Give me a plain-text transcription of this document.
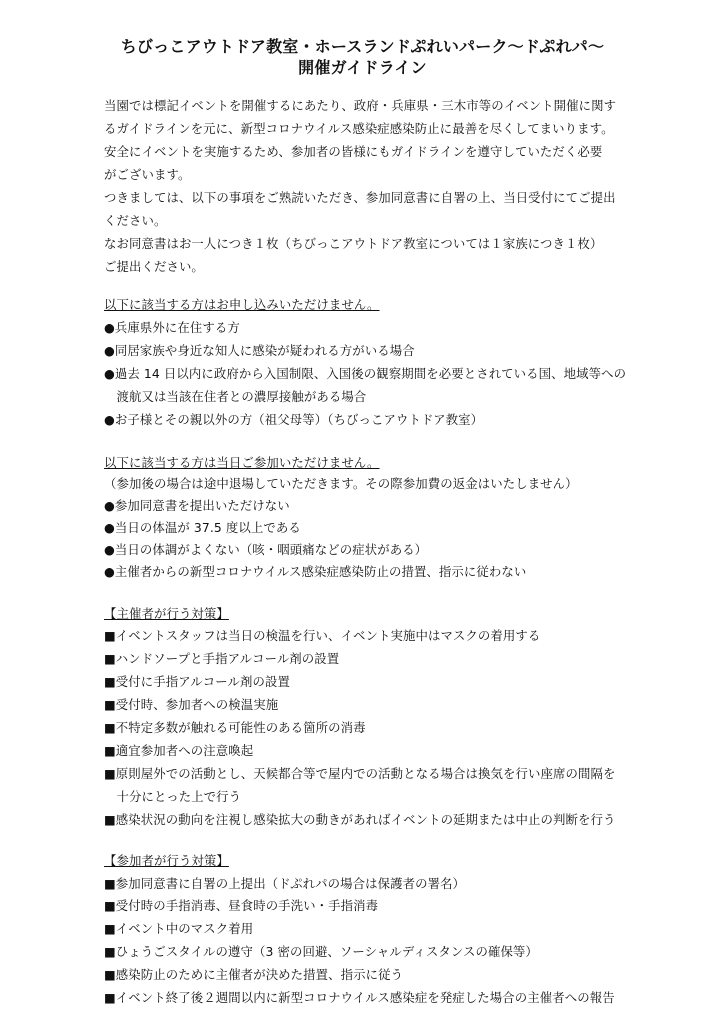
ちびっこアウトドア教室・ホースランドぷれいパーク～ドぷれパ～
開催ガイドライン
当園では標記イベントを開催するにあたり、政府・兵庫県・三木市等のイベント開催に関す
るガイドラインを元に、新型コロナウイルス感染症感染防止に最善を尽くしてまいります。
安全にイベントを実施するため、参加者の皆様にもガイドラインを遵守していただく必要
がございます。
つきましては、以下の事項をご熟読いただき、参加同意書に自署の上、当日受付にてご提出
ください。
なお同意書はお一人につき１枚（ちびっこアウトドア教室については１家族につき１枚）
ご提出ください。
以下に該当する方はお申し込みいただけません。
●兵庫県外に在住する方
●同居家族や身近な知人に感染が疑われる方がいる場合
●過去 14 日以内に政府から入国制限、入国後の観察期間を必要とされている国、地域等への
　渡航又は当該在住者との濃厚接触がある場合
●お子様とその親以外の方（祖父母等）（ちびっこアウトドア教室）
以下に該当する方は当日ご参加いただけません。
（参加後の場合は途中退場していただきます。その際参加費の返金はいたしません）
●参加同意書を提出いただけない
●当日の体温が 37.5 度以上である
●当日の体調がよくない（咳・咽頭痛などの症状がある）
●主催者からの新型コロナウイルス感染症感染防止の措置、指示に従わない
【主催者が行う対策】
■イベントスタッフは当日の検温を行い、イベント実施中はマスクの着用する
■ハンドソープと手指アルコール剤の設置
■受付に手指アルコール剤の設置
■受付時、参加者への検温実施
■不特定多数が触れる可能性のある箇所の消毒
■適宜参加者への注意喚起
■原則屋外での活動とし、天候都合等で屋内での活動となる場合は換気を行い座席の間隔を
　十分にとった上で行う
■感染状況の動向を注視し感染拡大の動きがあればイベントの延期または中止の判断を行う
【参加者が行う対策】
■参加同意書に自署の上提出（ドぷれパの場合は保護者の署名）
■受付時の手指消毒、昼食時の手洗い・手指消毒
■イベント中のマスク着用
■ひょうごスタイルの遵守（3 密の回避、ソーシャルディスタンスの確保等）
■感染防止のために主催者が決めた措置、指示に従う
■イベント終了後２週間以内に新型コロナウイルス感染症を発症した場合の主催者への報告
